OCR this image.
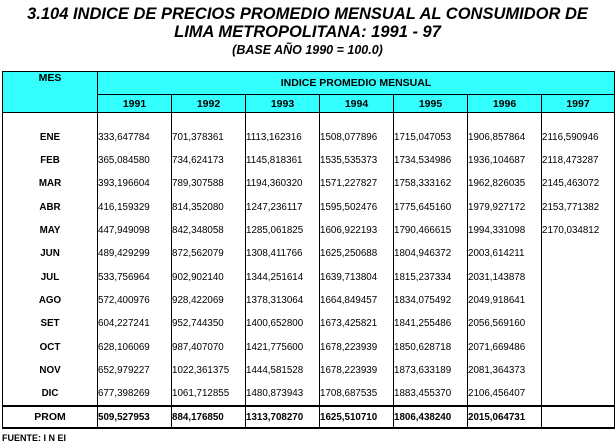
3.104 INDICE DE PRECIOS PROMEDIO MENSUAL AL CONSUMIDOR DE
LIMA METROPOLITANA: 1991 - 97
(BASE AÑO 1990 = 100.0)
MES	INDICE PROMEDIO MENSUAL						
	1991	1992	1993	1994	1995	1996	1997
ENE	333,647784	701,378361	1113,162316	1508,077896	1715,047053	1906,857864	2116,590946
FEB	365,084580	734,624173	1145,818361	1535,535373	1734,534986	1936,104687	2118,473287
MAR	393,196604	789,307588	1194,360320	1571,227827	1758,333162	1962,826035	2145,463072
ABR	416,159329	814,352080	1247,236117	1595,502476	1775,645160	1979,927172	2153,771382
MAY	447,949098	842,348058	1285,061825	1606,922193	1790,466615	1994,331098	2170,034812
JUN	489,429299	872,562079	1308,411766	1625,250688	1804,946372	2003,614211	
JUL	533,756964	902,902140	1344,251614	1639,713804	1815,237334	2031,143878	
AGO	572,400976	928,422069	1378,313064	1664,849457	1834,075492	2049,918641	
SET	604,227241	952,744350	1400,652800	1673,425821	1841,255486	2056,569160	
OCT	628,106069	987,407070	1421,775600	1678,223939	1850,628718	2071,669486	
NOV	652,979227	1022,361375	1444,581528	1678,223939	1873,633189	2081,364373	
DIC	677,398269	1061,712855	1480,873943	1708,687535	1883,455370	2106,456407	
PROM	509,527953	884,176850	1313,708270	1625,510710	1806,438240	2015,064731	
FUENTE: I N EI
